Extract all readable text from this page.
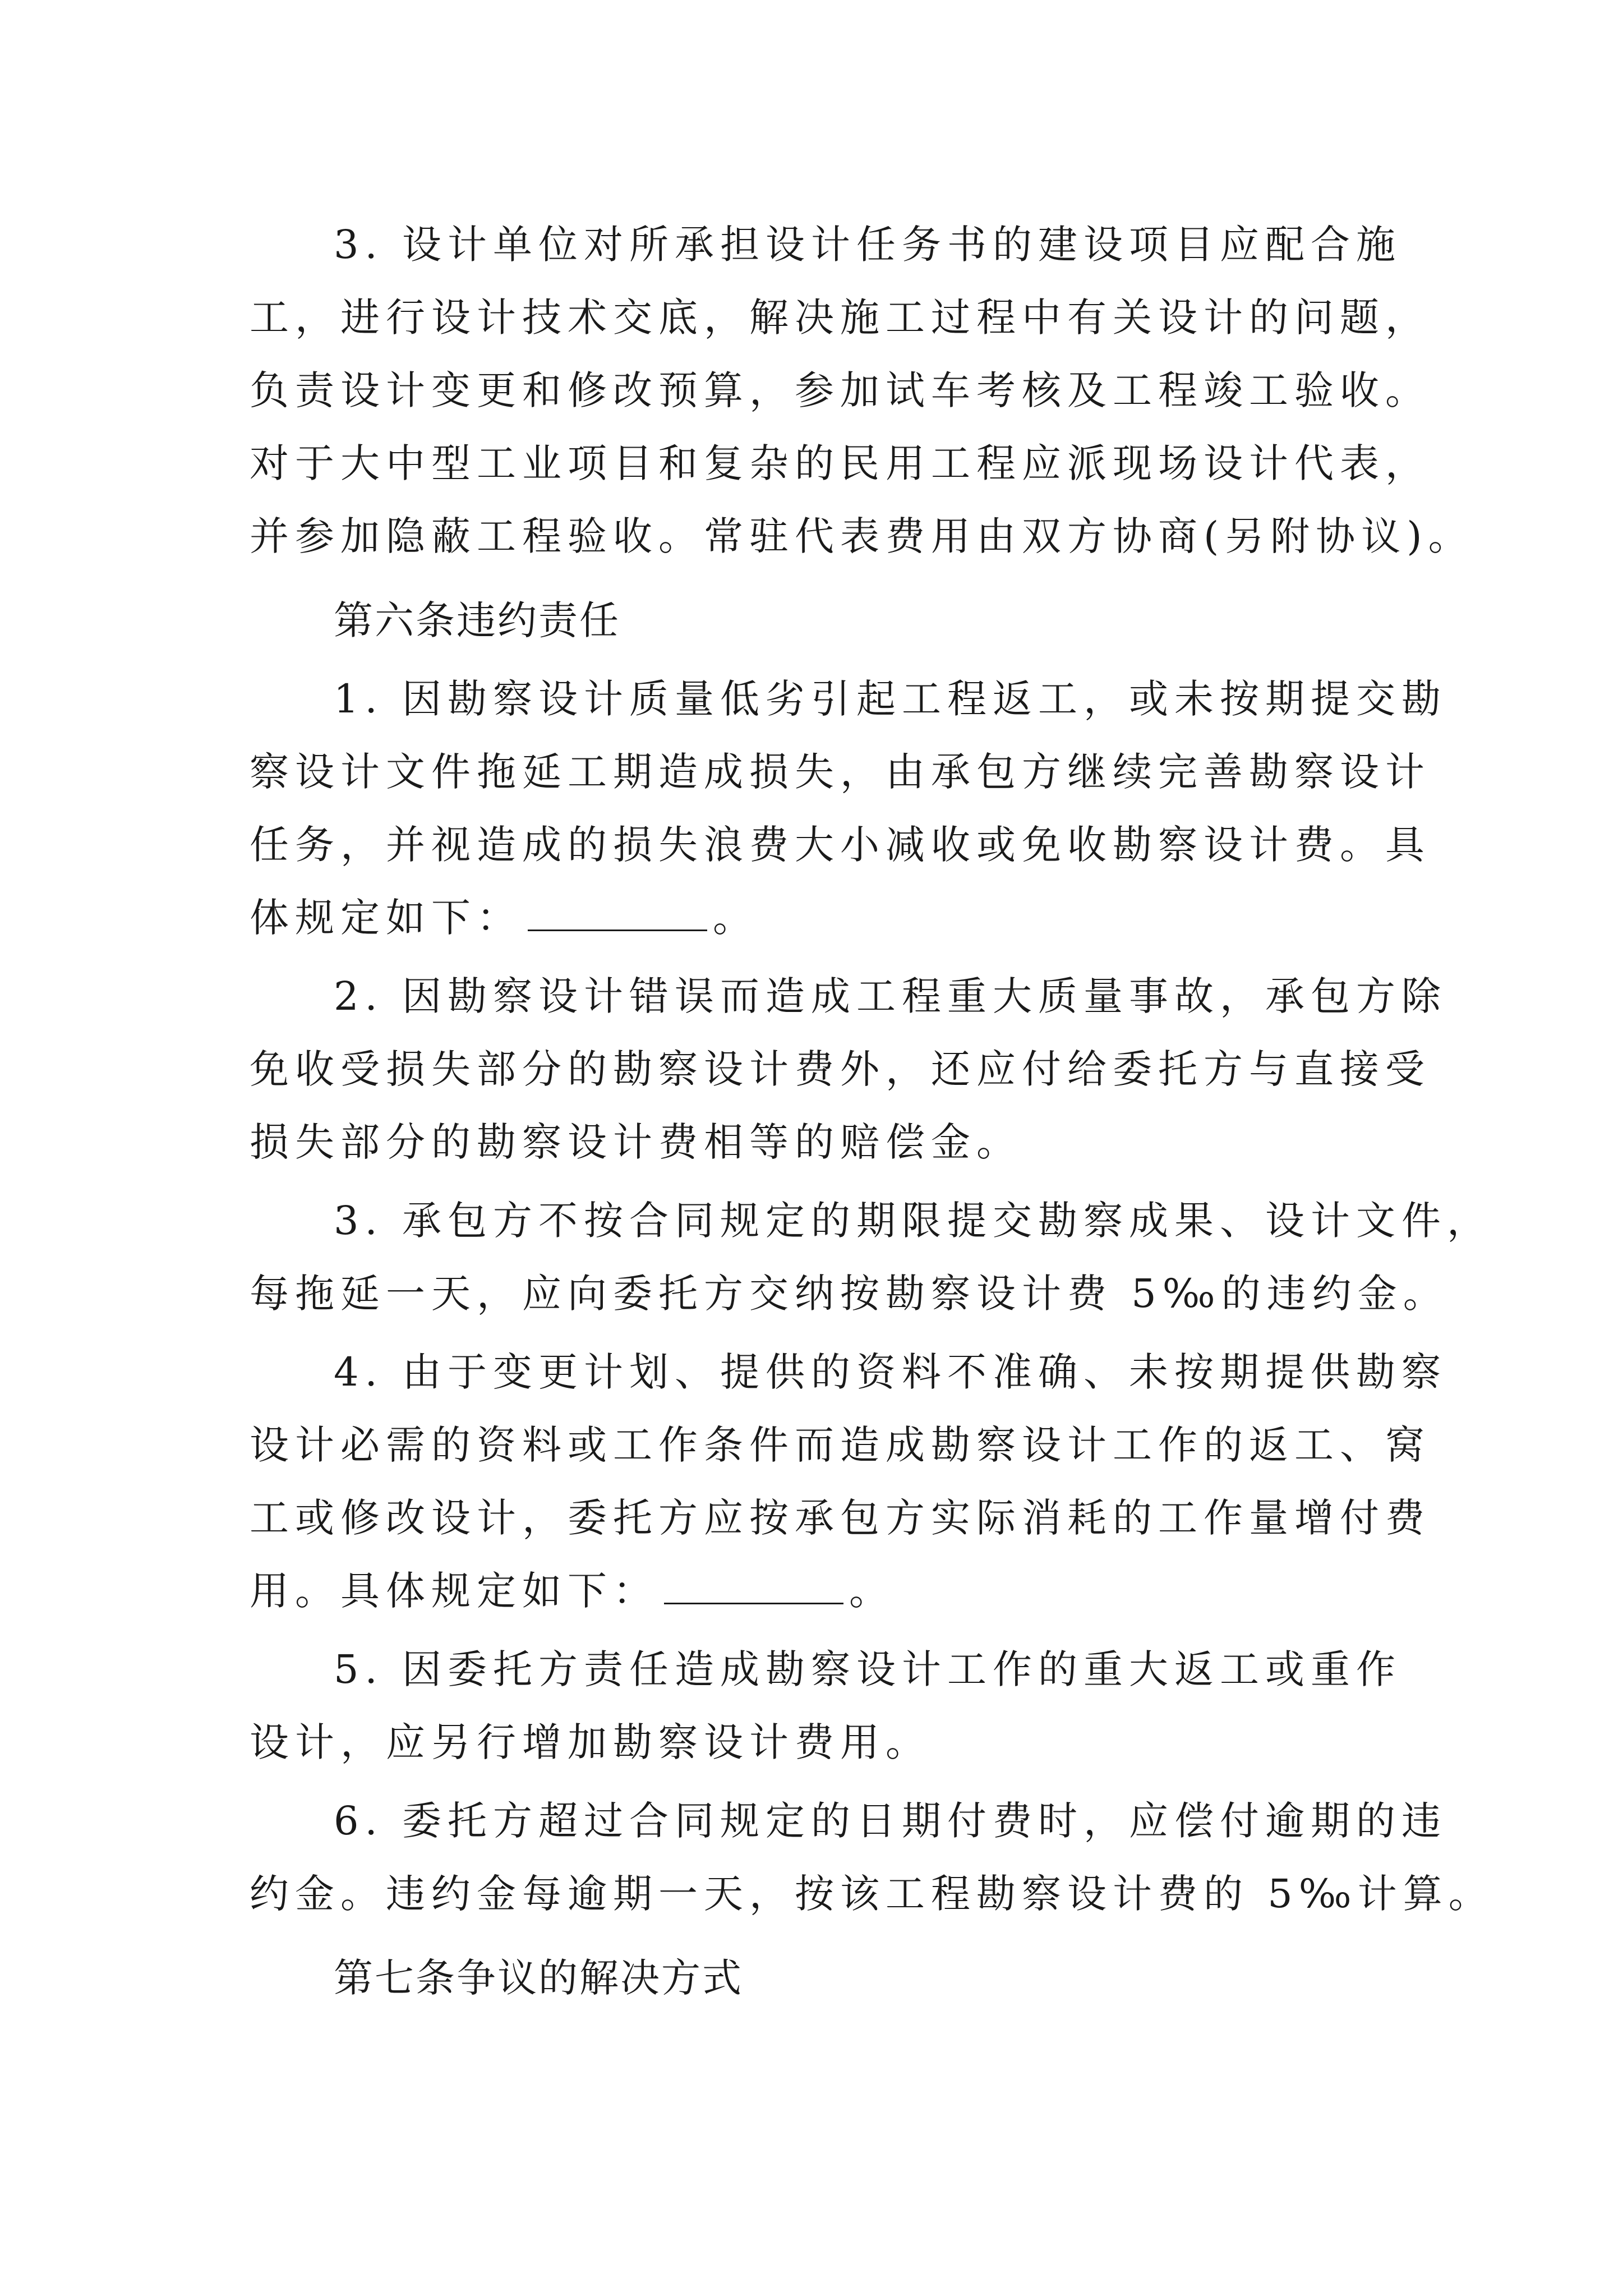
3. 设计单位对所承担设计任务书的建设项目应配合施
工，进行设计技术交底，解决施工过程中有关设计的问题，
负责设计变更和修改预算，参加试车考核及工程竣工验收。
对于大中型工业项目和复杂的民用工程应派现场设计代表，
并参加隐蔽工程验收。常驻代表费用由双方协商(另附协议)。
第六条违约责任
1. 因勘察设计质量低劣引起工程返工，或未按期提交勘
察设计文件拖延工期造成损失，由承包方继续完善勘察设计
任务，并视造成的损失浪费大小减收或免收勘察设计费。具
体规定如下：	。
2. 因勘察设计错误而造成工程重大质量事故，承包方除
免收受损失部分的勘察设计费外，还应付给委托方与直接受
损失部分的勘察设计费相等的赔偿金。
3. 承包方不按合同规定的期限提交勘察成果、设计文件，
每拖延一天，应向委托方交纳按勘察设计费 5‰的违约金。
4. 由于变更计划、提供的资料不准确、未按期提供勘察
设计必需的资料或工作条件而造成勘察设计工作的返工、窝
工或修改设计，委托方应按承包方实际消耗的工作量增付费
用。具体规定如下：	。
5. 因委托方责任造成勘察设计工作的重大返工或重作
设计，应另行增加勘察设计费用。
6. 委托方超过合同规定的日期付费时，应偿付逾期的违
约金。违约金每逾期一天，按该工程勘察设计费的 5‰计算。
第七条争议的解决方式
